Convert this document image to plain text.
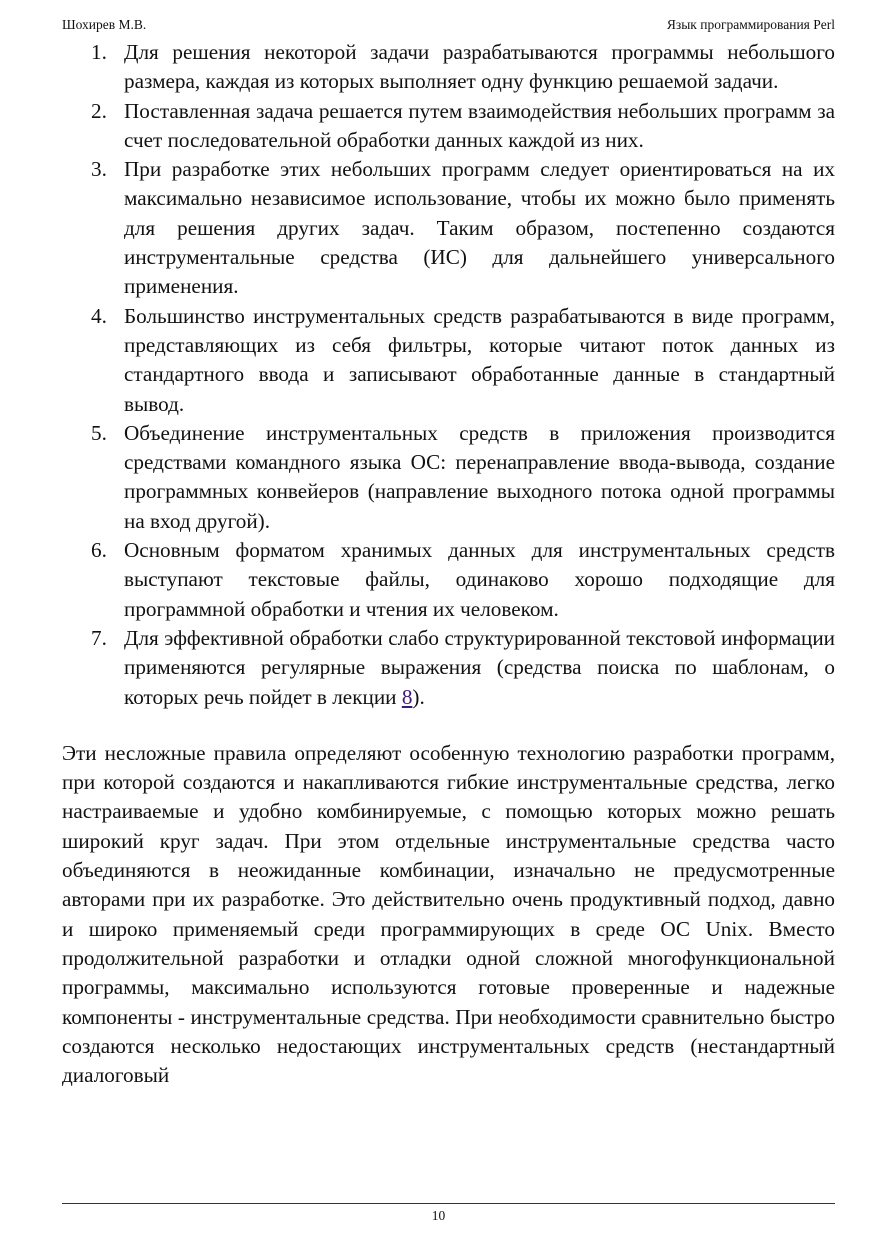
Шохирев М.В.	Язык программирования Perl
1. Для решения некоторой задачи разрабатываются программы небольшого размера, каждая из которых выполняет одну функцию решаемой задачи.
2. Поставленная задача решается путем взаимодействия небольших программ за счет последовательной обработки данных каждой из них.
3. При разработке этих небольших программ следует ориентироваться на их максимально независимое использование, чтобы их можно было применять для решения других задач. Таким образом, постепенно создаются инструментальные средства (ИС) для дальнейшего универсального применения.
4. Большинство инструментальных средств разрабатываются в виде программ, представляющих из себя фильтры, которые читают поток данных из стандартного ввода и записывают обработанные данные в стандартный вывод.
5. Объединение инструментальных средств в приложения производится средствами командного языка ОС: перенаправление ввода-вывода, создание программных конвейеров (направление выходного потока одной программы на вход другой).
6. Основным форматом хранимых данных для инструментальных средств выступают текстовые файлы, одинаково хорошо подходящие для программной обработки и чтения их человеком.
7. Для эффективной обработки слабо структурированной текстовой информации применяются регулярные выражения (средства поиска по шаблонам, о которых речь пойдет в лекции 8).

Эти несложные правила определяют особенную технологию разработки программ, при которой создаются и накапливаются гибкие инструментальные средства, легко настраиваемые и удобно комбинируемые, с помощью которых можно решать широкий круг задач. При этом отдельные инструментальные средства часто объединяются в неожиданные комбинации, изначально не предусмотренные авторами при их разработке. Это действительно очень продуктивный подход, давно и широко применяемый среди программирующих в среде ОС Unix. Вместо продолжительной разработки и отладки одной сложной многофункциональной программы, максимально используются готовые проверенные и надежные компоненты - инструментальные средства. При необходимости сравнительно быстро создаются несколько недостающих инструментальных средств (нестандартный диалоговый

10
